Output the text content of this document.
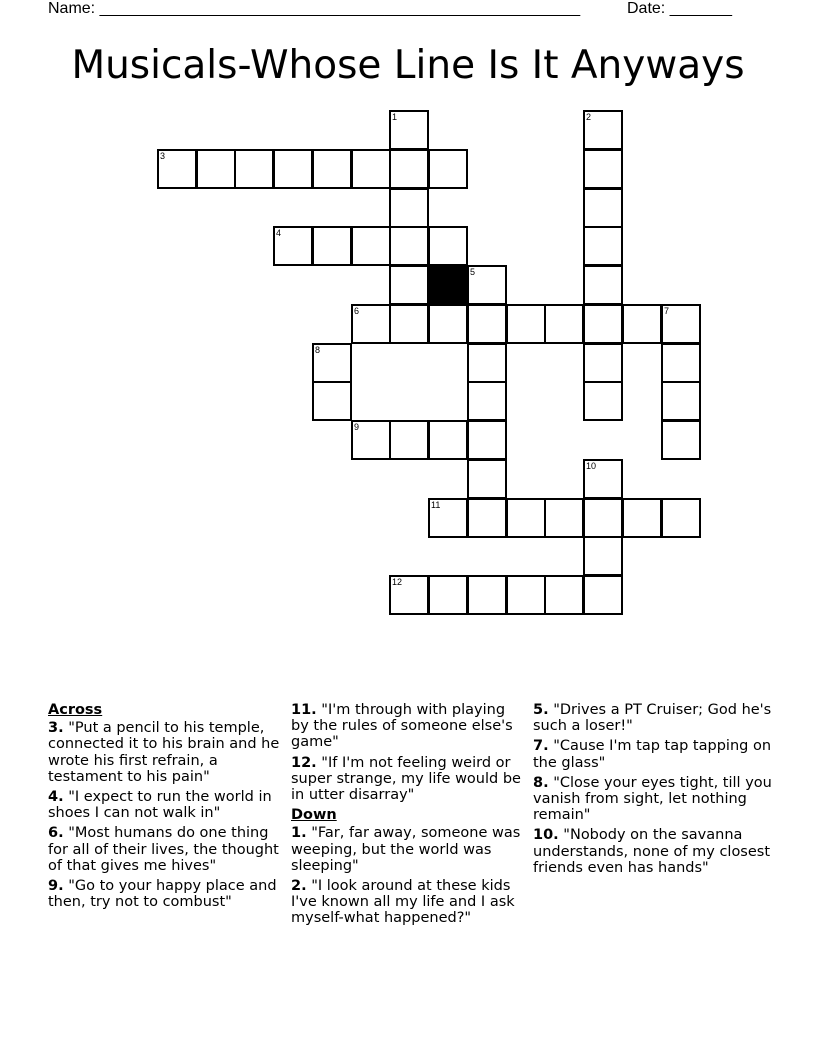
Name: ______________________________________________________	Date: _______
Musicals-Whose Line Is It Anyways
1	2
3
4
5
6	7
8
9
10
11
12
Across
3. "Put a pencil to his temple, connected it to his brain and he wrote his first refrain, a testament to his pain"
4. "I expect to run the world in shoes I can not walk in"
6. "Most humans do one thing for all of their lives, the thought of that gives me hives"
9. "Go to your happy place and then, try not to combust"
11. "I'm through with playing by the rules of someone else's game"
12. "If I'm not feeling weird or super strange, my life would be in utter disarray"
Down
1. "Far, far away, someone was weeping, but the world was sleeping"
2. "I look around at these kids I've known all my life and I ask myself-what happened?"
5. "Drives a PT Cruiser; God he's such a loser!"
7. "Cause I'm tap tap tapping on the glass"
8. "Close your eyes tight, till you vanish from sight, let nothing remain"
10. "Nobody on the savanna understands, none of my closest friends even has hands"
